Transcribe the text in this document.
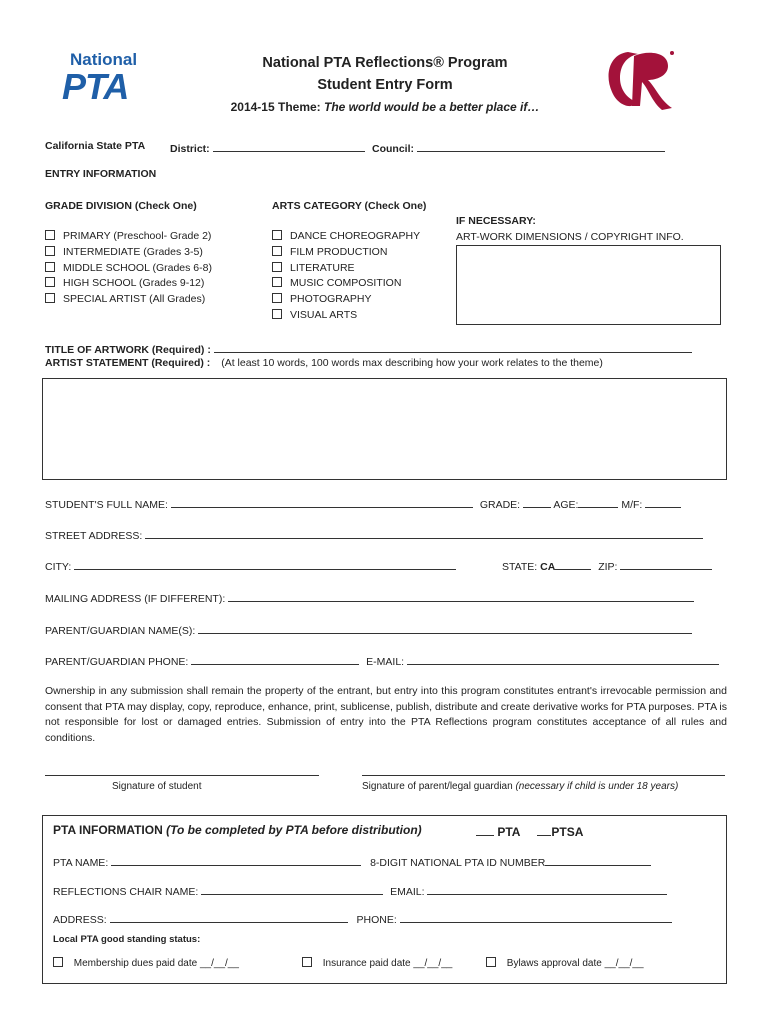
National
PTA
National PTA Reflections® Program
Student Entry Form
2014-15 Theme: The world would be a better place if…
California State PTA District:	Council:
ENTRY INFORMATION
GRADE DIVISION (Check One)	ARTS CATEGORY (Check One)
PRIMARY (Preschool- Grade 2)
INTERMEDIATE (Grades 3-5)
MIDDLE SCHOOL (Grades 6-8)
HIGH SCHOOL (Grades 9-12)
SPECIAL ARTIST (All Grades)
DANCE CHOREOGRAPHY
FILM PRODUCTION
LITERATURE
MUSIC COMPOSITION
PHOTOGRAPHY
VISUAL ARTS
IF NECESSARY:
ART-WORK DIMENSIONS / COPYRIGHT INFO.
TITLE OF ARTWORK (Required) :
ARTIST STATEMENT (Required) : (At least 10 words, 100 words max describing how your work relates to the theme)
STUDENT'S FULL NAME:	GRADE:	AGE:	M/F:
STREET ADDRESS:
CITY:	STATE: CA	ZIP:
MAILING ADDRESS (IF DIFFERENT):
PARENT/GUARDIAN NAME(S):
PARENT/GUARDIAN PHONE:	E-MAIL:
Ownership in any submission shall remain the property of the entrant, but entry into this program constitutes entrant's irrevocable permission and consent that PTA may display, copy, reproduce, enhance, print, sublicense, publish, distribute and create derivative works for PTA purposes. PTA is not responsible for lost or damaged entries. Submission of entry into the PTA Reflections program constitutes acceptance of all rules and conditions.
Signature of student	Signature of parent/legal guardian (necessary if child is under 18 years)
PTA INFORMATION (To be completed by PTA before distribution)	PTA	PTSA
PTA NAME:	8-DIGIT NATIONAL PTA ID NUMBER
REFLECTIONS CHAIR NAME:	EMAIL:
ADDRESS:	PHONE:
Local PTA good standing status:
Membership dues paid date __/__/__	Insurance paid date __/__/__	Bylaws approval date __/__/__
